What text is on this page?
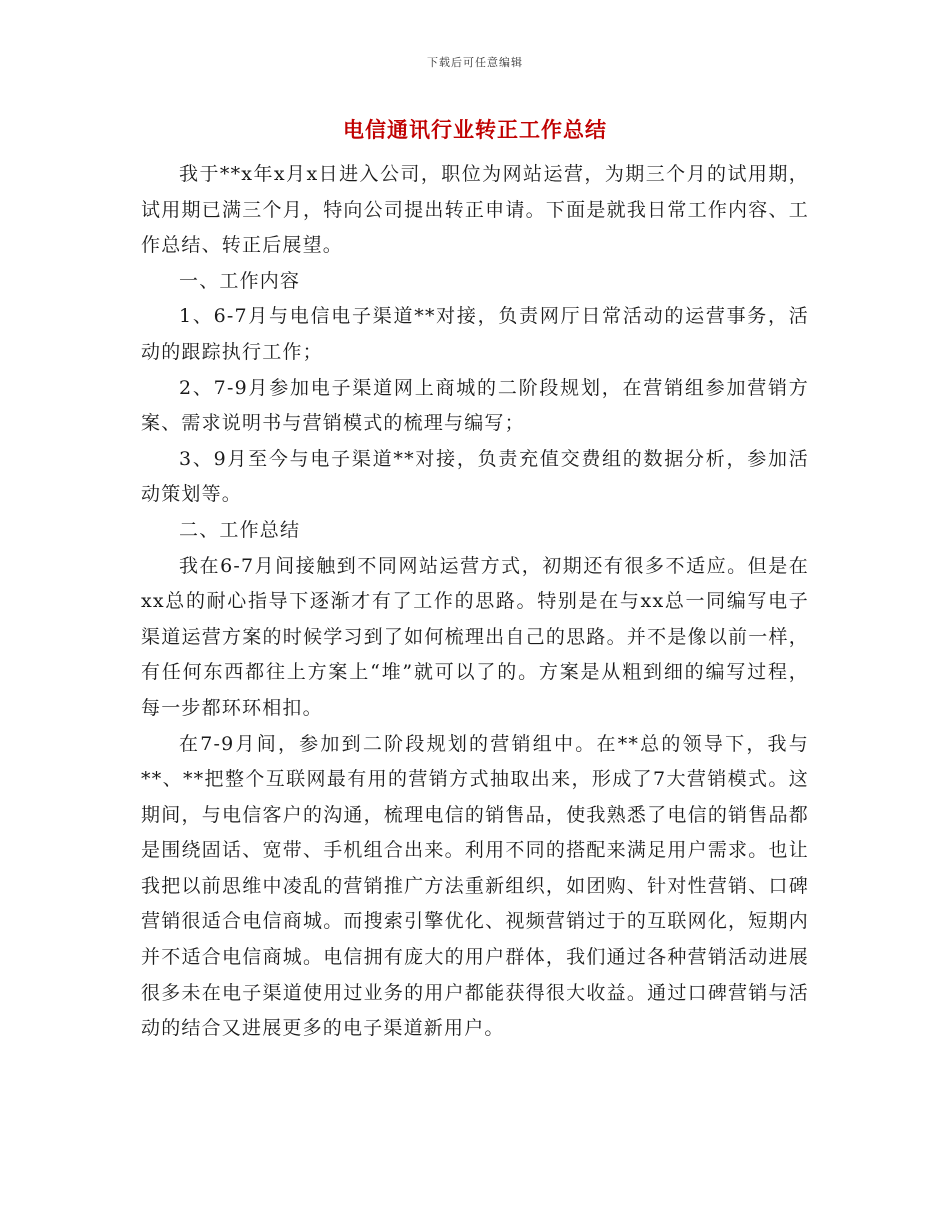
下载后可任意编辑
电信通讯行业转正工作总结

我于**x年x月x日进入公司，职位为网站运营，为期三个月的试用期，试用期已满三个月，特向公司提出转正申请。下面是就我日常工作内容、工作总结、转正后展望。

一、工作内容

1、6-7月与电信电子渠道**对接，负责网厅日常活动的运营事务，活动的跟踪执行工作；

2、7-9月参加电子渠道网上商城的二阶段规划，在营销组参加营销方案、需求说明书与营销模式的梳理与编写；

3、9月至今与电子渠道**对接，负责充值交费组的数据分析，参加活动策划等。

二、工作总结

我在6-7月间接触到不同网站运营方式，初期还有很多不适应。但是在xx总的耐心指导下逐渐才有了工作的思路。特别是在与xx总一同编写电子渠道运营方案的时候学习到了如何梳理出自己的思路。并不是像以前一样，有任何东西都往上方案上“堆”就可以了的。方案是从粗到细的编写过程，每一步都环环相扣。

在7-9月间，参加到二阶段规划的营销组中。在**总的领导下，我与**、**把整个互联网最有用的营销方式抽取出来，形成了7大营销模式。这期间，与电信客户的沟通，梳理电信的销售品，使我熟悉了电信的销售品都是围绕固话、宽带、手机组合出来。利用不同的搭配来满足用户需求。也让我把以前思维中凌乱的营销推广方法重新组织，如团购、针对性营销、口碑营销很适合电信商城。而搜索引擎优化、视频营销过于的互联网化，短期内并不适合电信商城。电信拥有庞大的用户群体，我们通过各种营销活动进展很多未在电子渠道使用过业务的用户都能获得很大收益。通过口碑营销与活动的结合又进展更多的电子渠道新用户。
